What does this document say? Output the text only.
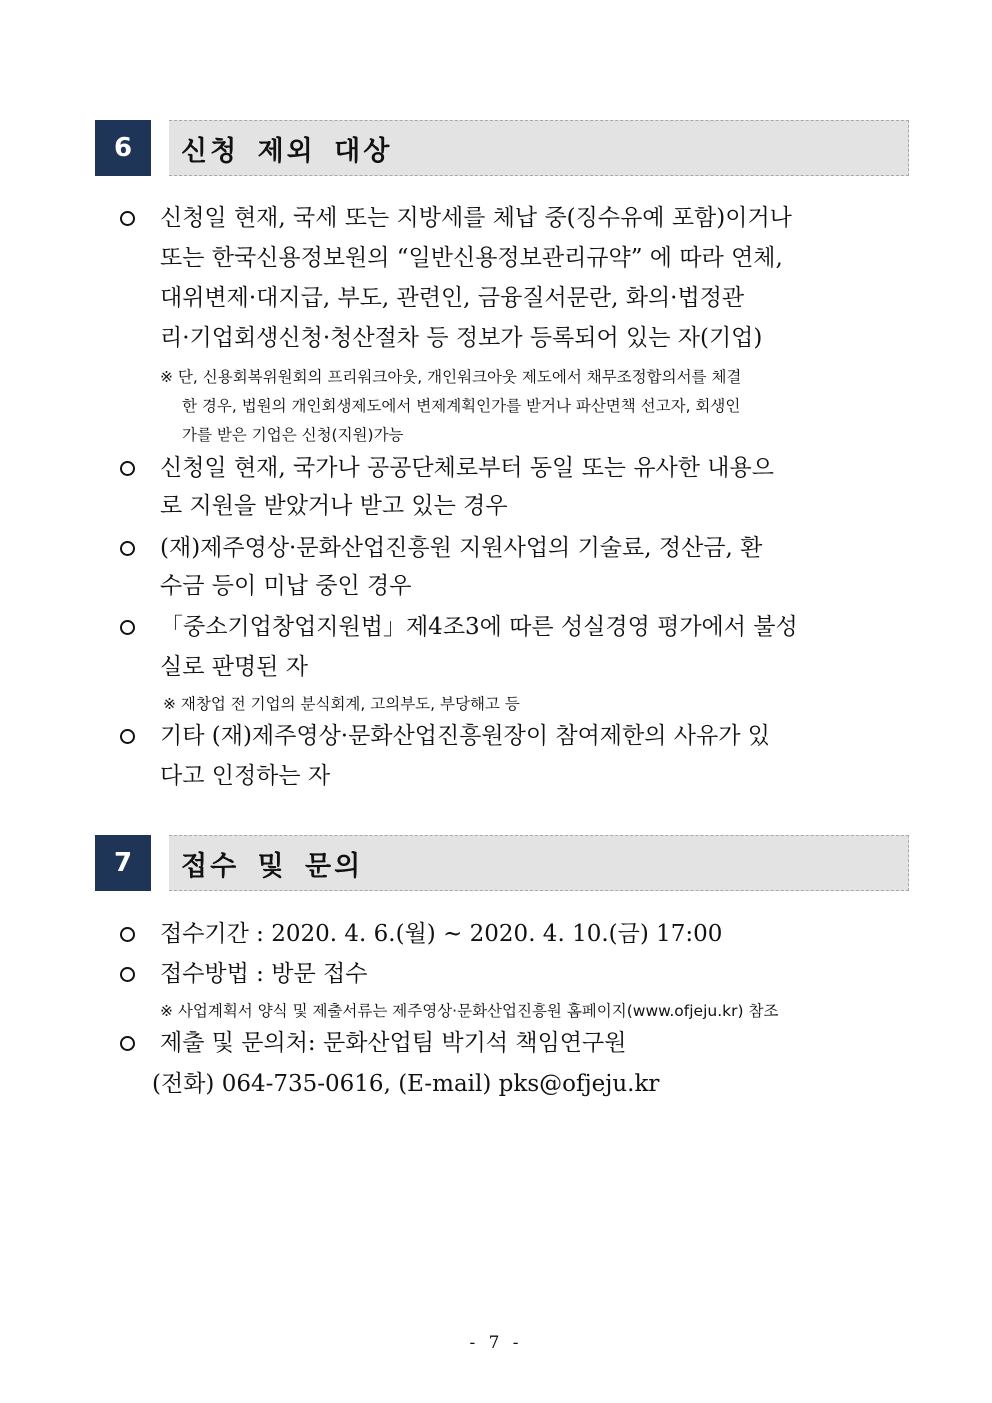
6	신청 제외 대상
신청일 현재, 국세 또는 지방세를 체납 중(징수유예 포함)이거나
또는 한국신용정보원의 “일반신용정보관리규약” 에 따라 연체,
대위변제·대지급, 부도, 관련인, 금융질서문란, 화의·법정관
리·기업회생신청·청산절차 등 정보가 등록되어 있는 자(기업)
※ 단, 신용회복위원회의 프리워크아웃, 개인워크아웃 제도에서 채무조정합의서를 체결
한 경우, 법원의 개인회생제도에서 변제계획인가를 받거나 파산면책 선고자, 회생인
가를 받은 기업은 신청(지원)가능
신청일 현재, 국가나 공공단체로부터 동일 또는 유사한 내용으
로 지원을 받았거나 받고 있는 경우
(재)제주영상·문화산업진흥원 지원사업의 기술료, 정산금, 환
수금 등이 미납 중인 경우
「중소기업창업지원법」제4조3에 따른 성실경영 평가에서 불성
실로 판명된 자
※ 재창업 전 기업의 분식회계, 고의부도, 부당해고 등
기타 (재)제주영상·문화산업진흥원장이 참여제한의 사유가 있
다고 인정하는 자
7	접수 및 문의
접수기간 : 2020. 4. 6.(월) ~ 2020. 4. 10.(금) 17:00
접수방법 : 방문 접수
※ 사업계획서 양식 및 제출서류는 제주영상·문화산업진흥원 홈페이지(www.ofjeju.kr) 참조
제출 및 문의처: 문화산업팀 박기석 책임연구원
(전화) 064-735-0616, (E-mail) pks@ofjeju.kr
- 7 -
